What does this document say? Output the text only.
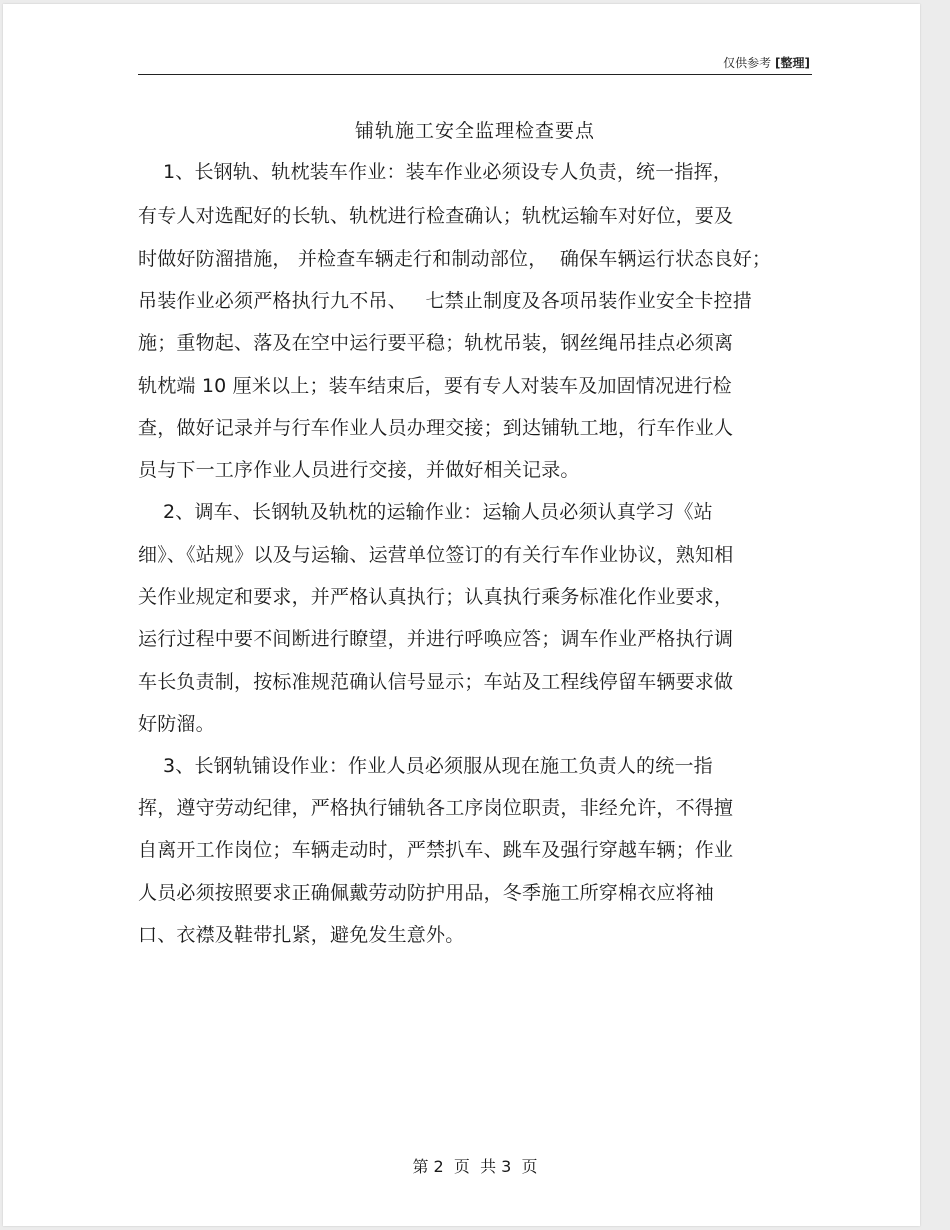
仅供参考 [整理]
铺轨施工安全监理检查要点
1、长钢轨、轨枕装车作业：装车作业必须设专人负责，统一指挥，
有专人对选配好的长轨、轨枕进行检查确认；轨枕运输车对好位，要及
时做好防溜措施， 并检查车辆走行和制动部位，  确保车辆运行状态良好；
吊装作业必须严格执行九不吊、   七禁止制度及各项吊装作业安全卡控措
施；重物起、落及在空中运行要平稳；轨枕吊装，钢丝绳吊挂点必须离
轨枕端 10 厘米以上；装车结束后，要有专人对装车及加固情况进行检
查，做好记录并与行车作业人员办理交接；到达铺轨工地，行车作业人
员与下一工序作业人员进行交接，并做好相关记录。
2、调车、长钢轨及轨枕的运输作业：运输人员必须认真学习《站
细》、《站规》以及与运输、运营单位签订的有关行车作业协议，熟知相
关作业规定和要求，并严格认真执行；认真执行乘务标准化作业要求，
运行过程中要不间断进行瞭望，并进行呼唤应答；调车作业严格执行调
车长负责制，按标准规范确认信号显示；车站及工程线停留车辆要求做
好防溜。
3、长钢轨铺设作业：作业人员必须服从现在施工负责人的统一指
挥，遵守劳动纪律，严格执行铺轨各工序岗位职责，非经允许，不得擅
自离开工作岗位；车辆走动时，严禁扒车、跳车及强行穿越车辆；作业
人员必须按照要求正确佩戴劳动防护用品，冬季施工所穿棉衣应将袖
口、衣襟及鞋带扎紧，避免发生意外。
第 2  页  共 3  页
